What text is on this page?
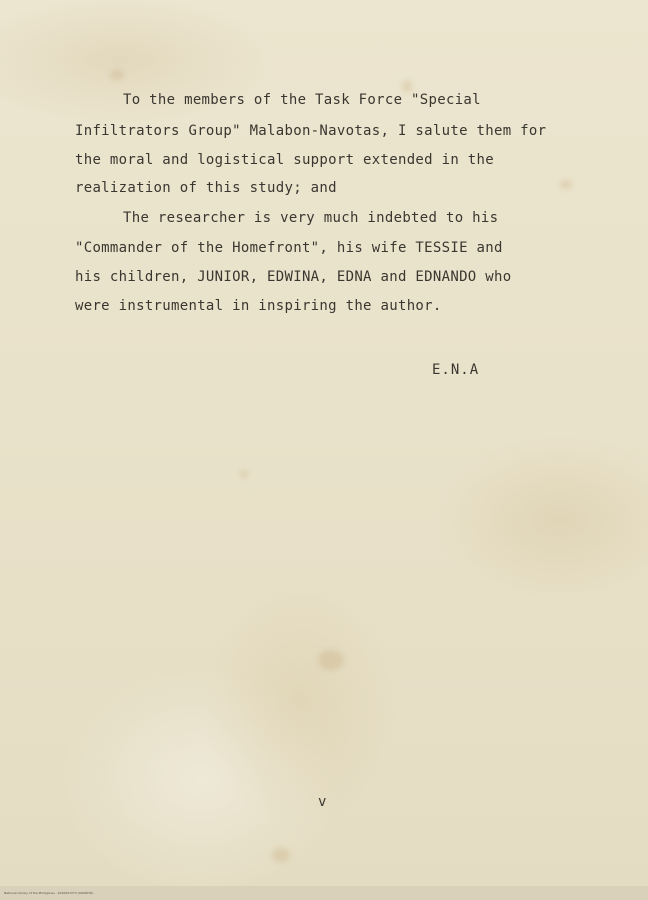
To the members of the Task Force "Special
Infiltrators Group" Malabon-Navotas, I salute them for
the moral and logistical support extended in the
realization of this study; and
The researcher is very much indebted to his
"Commander of the Homefront", his wife TESSIE and
his children, JUNIOR, EDWINA, EDNA and EDNANDO who
were instrumental in inspiring the author.
E.N.A
v
National Library of the Philippines · 1020007273 (0000076)
